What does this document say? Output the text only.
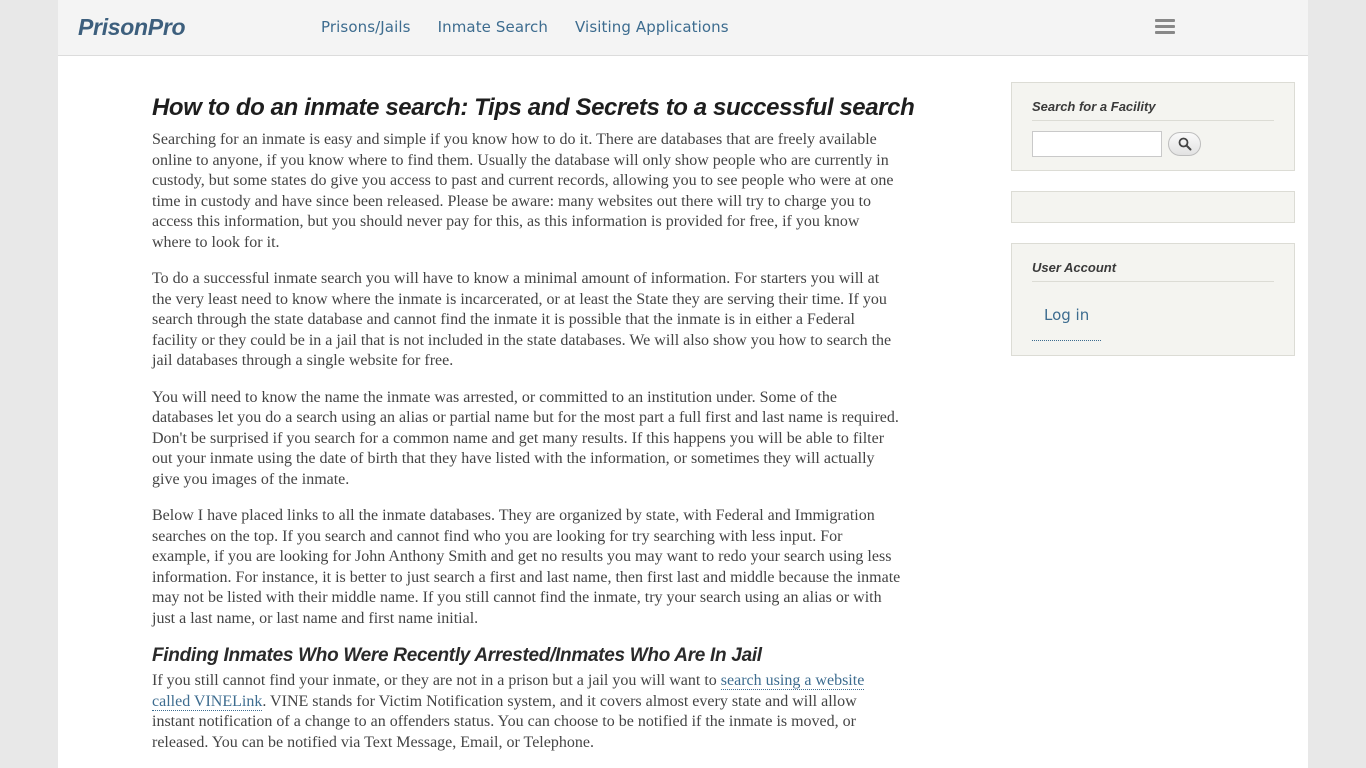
PrisonPro	Prisons/Jails Inmate Search Visiting Applications
How to do an inmate search: Tips and Secrets to a successful search

Searching for an inmate is easy and simple if you know how to do it. There are databases that are freely available online to anyone, if you know where to find them. Usually the database will only show people who are currently in custody, but some states do give you access to past and current records, allowing you to see people who were at one time in custody and have since been released. Please be aware: many websites out there will try to charge you to access this information, but you should never pay for this, as this information is provided for free, if you know where to look for it.

To do a successful inmate search you will have to know a minimal amount of information. For starters you will at the very least need to know where the inmate is incarcerated, or at least the State they are serving their time. If you search through the state database and cannot find the inmate it is possible that the inmate is in either a Federal facility or they could be in a jail that is not included in the state databases. We will also show you how to search the jail databases through a single website for free.

You will need to know the name the inmate was arrested, or committed to an institution under. Some of the databases let you do a search using an alias or partial name but for the most part a full first and last name is required. Don't be surprised if you search for a common name and get many results. If this happens you will be able to filter out your inmate using the date of birth that they have listed with the information, or sometimes they will actually give you images of the inmate.

Below I have placed links to all the inmate databases. They are organized by state, with Federal and Immigration searches on the top. If you search and cannot find who you are looking for try searching with less input. For example, if you are looking for John Anthony Smith and get no results you may want to redo your search using less information. For instance, it is better to just search a first and last name, then first last and middle because the inmate may not be listed with their middle name. If you still cannot find the inmate, try your search using an alias or with just a last name, or last name and first name initial.

Finding Inmates Who Were Recently Arrested/Inmates Who Are In Jail

If you still cannot find your inmate, or they are not in a prison but a jail you will want to search using a website called VINELink. VINE stands for Victim Notification system, and it covers almost every state and will allow instant notification of a change to an offenders status. You can choose to be notified if the inmate is moved, or released. You can be notified via Text Message, Email, or Telephone.

Search for a Facility
User Account
Log in
